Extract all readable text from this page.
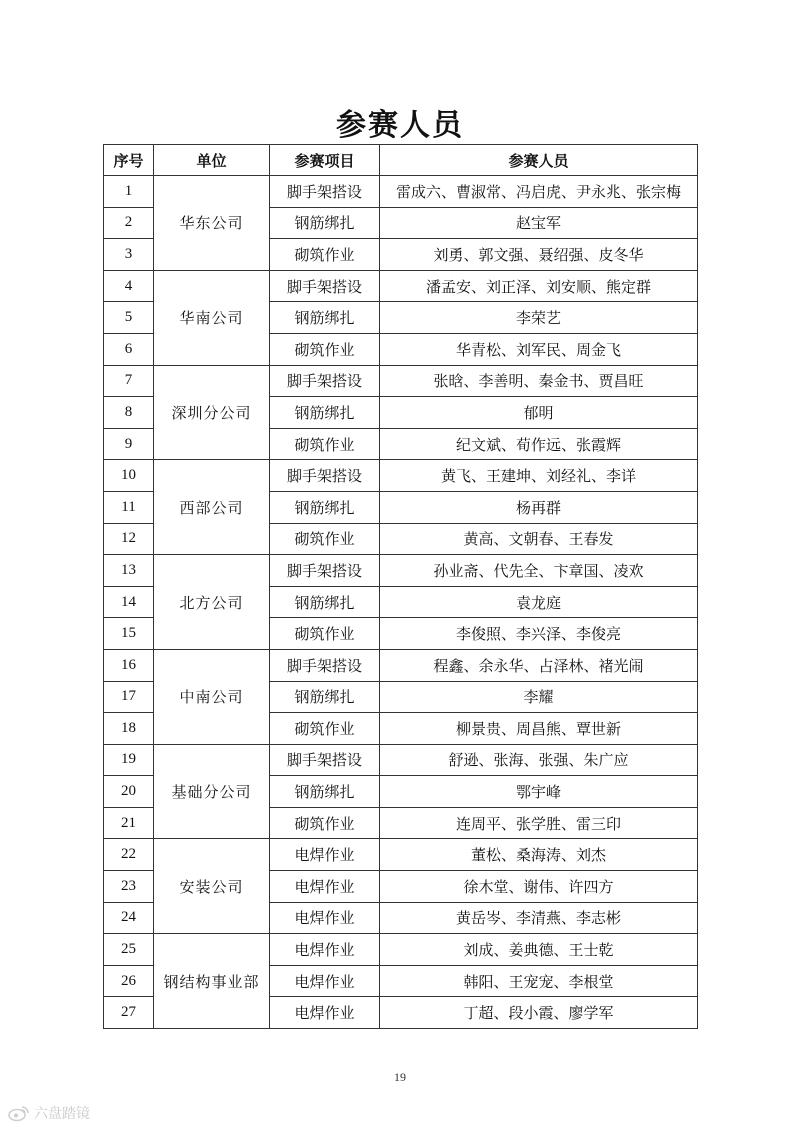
参赛人员
序号	单位	参赛项目	参赛人员
1	华东公司	脚手架搭设	雷成六、曹淑常、冯启虎、尹永兆、张宗梅
2		钢筋绑扎	赵宝军
3		砌筑作业	刘勇、郭文强、聂绍强、皮冬华
4	华南公司	脚手架搭设	潘孟安、刘正泽、刘安顺、熊定群
5		钢筋绑扎	李荣艺
6		砌筑作业	华青松、刘军民、周金飞
7	深圳分公司	脚手架搭设	张晗、李善明、秦金书、贾昌旺
8		钢筋绑扎	郁明
9		砌筑作业	纪文斌、荀作远、张霞辉
10	西部公司	脚手架搭设	黄飞、王建坤、刘经礼、李详
11		钢筋绑扎	杨再群
12		砌筑作业	黄高、文朝春、王春发
13	北方公司	脚手架搭设	孙业斋、代先全、卞章国、凌欢
14		钢筋绑扎	袁龙庭
15		砌筑作业	李俊照、李兴泽、李俊亮
16	中南公司	脚手架搭设	程鑫、余永华、占泽林、褚光闹
17		钢筋绑扎	李耀
18		砌筑作业	柳景贵、周昌熊、覃世新
19	基础分公司	脚手架搭设	舒逊、张海、张强、朱广应
20		钢筋绑扎	鄂宇峰
21		砌筑作业	连周平、张学胜、雷三印
22	安装公司	电焊作业	董松、桑海涛、刘杰
23		电焊作业	徐木堂、谢伟、许四方
24		电焊作业	黄岳岑、李清燕、李志彬
25	钢结构事业部	电焊作业	刘成、姜典德、王士乾
26		电焊作业	韩阳、王宠宠、李根堂
27		电焊作业	丁超、段小霞、廖学军
19
六盘踏镜
